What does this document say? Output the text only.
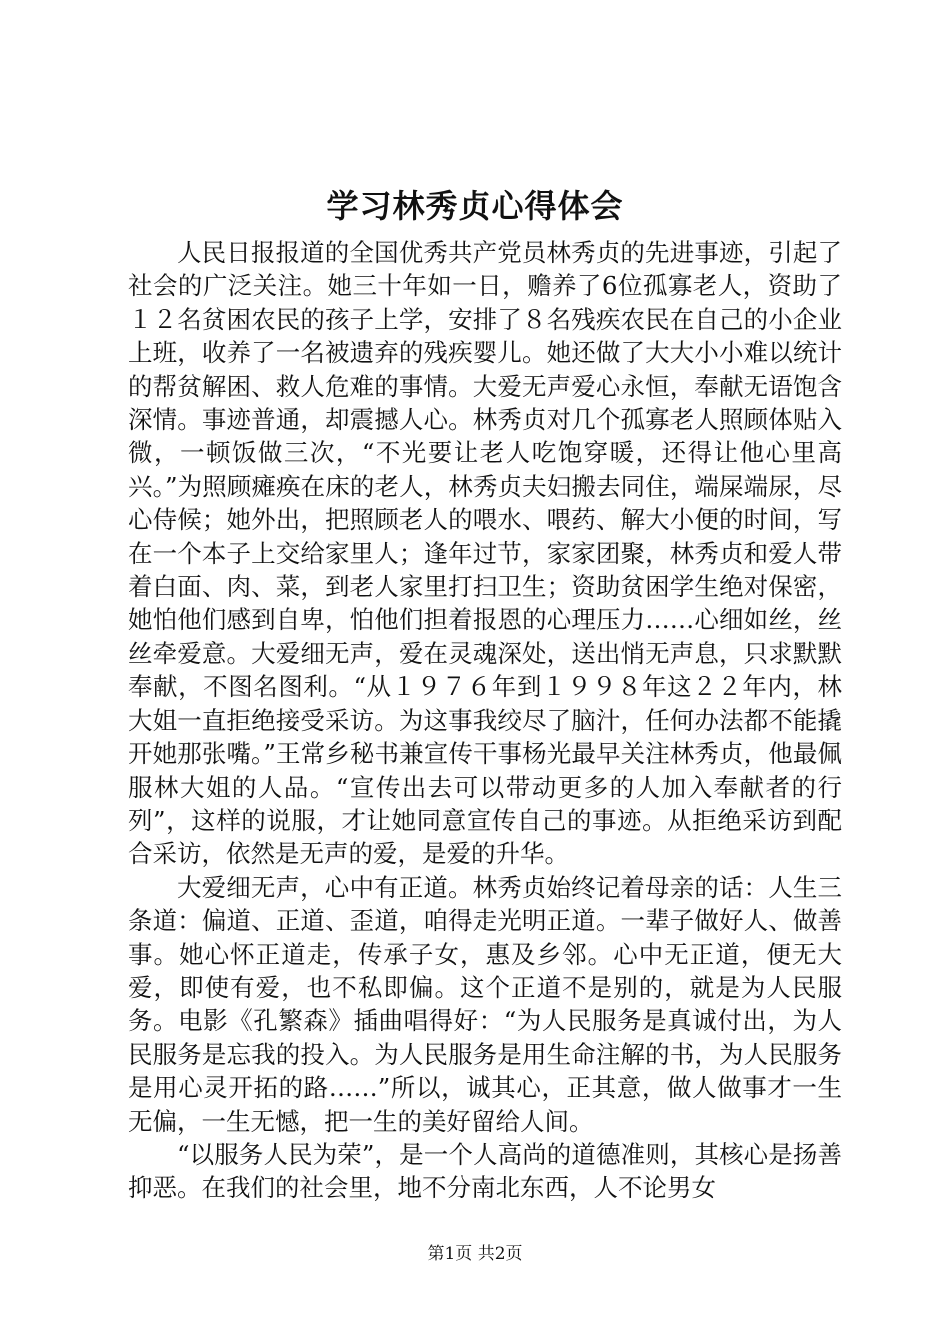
学习林秀贞心得体会

人民日报报道的全国优秀共产党员林秀贞的先进事迹，引起了社会的广泛关注。她三十年如一日，赡养了6位孤寡老人，资助了１２名贫困农民的孩子上学，安排了８名残疾农民在自己的小企业上班，收养了一名被遗弃的残疾婴儿。她还做了大大小小难以统计的帮贫解困、救人危难的事情。大爱无声爱心永恒，奉献无语饱含深情。事迹普通，却震撼人心。林秀贞对几个孤寡老人照顾体贴入微，一顿饭做三次，“不光要让老人吃饱穿暖，还得让他心里高兴。”为照顾瘫痪在床的老人，林秀贞夫妇搬去同住，端屎端尿，尽心侍候；她外出，把照顾老人的喂水、喂药、解大小便的时间，写在一个本子上交给家里人；逢年过节，家家团聚，林秀贞和爱人带着白面、肉、菜，到老人家里打扫卫生；资助贫困学生绝对保密，她怕他们感到自卑，怕他们担着报恩的心理压力……心细如丝，丝丝牵爱意。大爱细无声，爱在灵魂深处，送出悄无声息，只求默默奉献，不图名图利。“从１９７６年到１９９８年这２２年内，林大姐一直拒绝接受采访。为这事我绞尽了脑汁，任何办法都不能撬开她那张嘴。”王常乡秘书兼宣传干事杨光最早关注林秀贞，他最佩服林大姐的人品。“宣传出去可以带动更多的人加入奉献者的行列”，这样的说服，才让她同意宣传自己的事迹。从拒绝采访到配合采访，依然是无声的爱，是爱的升华。

大爱细无声，心中有正道。林秀贞始终记着母亲的话：人生三条道：偏道、正道、歪道，咱得走光明正道。一辈子做好人、做善事。她心怀正道走，传承子女，惠及乡邻。心中无正道，便无大爱，即使有爱，也不私即偏。这个正道不是别的，就是为人民服务。电影《孔繁森》插曲唱得好：“为人民服务是真诚付出，为人民服务是忘我的投入。为人民服务是用生命注解的书，为人民服务是用心灵开拓的路……”所以，诚其心，正其意，做人做事才一生无偏，一生无憾，把一生的美好留给人间。

“以服务人民为荣”，是一个人高尚的道德准则，其核心是扬善抑恶。在我们的社会里，地不分南北东西，人不论男女

第1页 共2页
